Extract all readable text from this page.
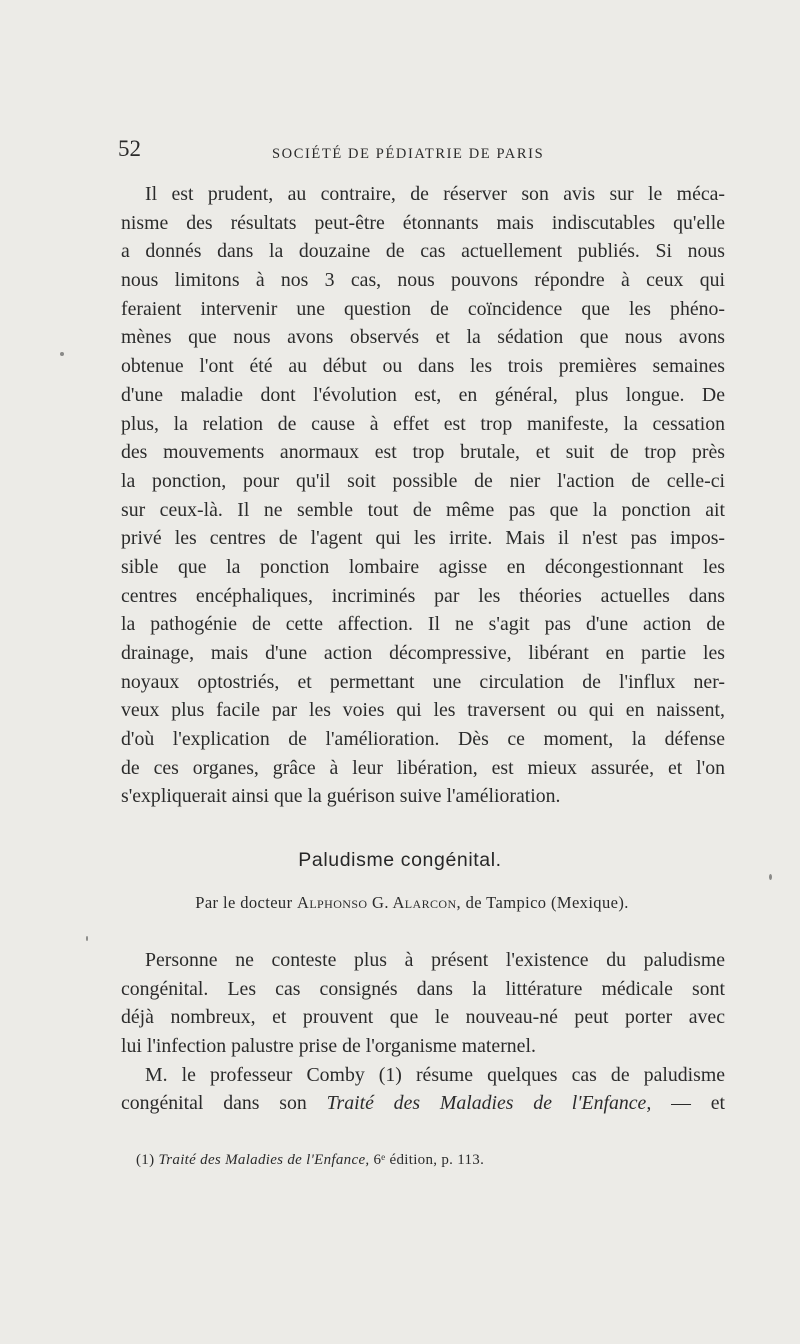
52	SOCIÉTÉ DE PÉDIATRIE DE PARIS
Il est prudent, au contraire, de réserver son avis sur le méca-
nisme des résultats peut-être étonnants mais indiscutables qu'elle
a donnés dans la douzaine de cas actuellement publiés. Si nous
nous limitons à nos 3 cas, nous pouvons répondre à ceux qui
feraient intervenir une question de coïncidence que les phéno-
mènes que nous avons observés et la sédation que nous avons
obtenue l'ont été au début ou dans les trois premières semaines
d'une maladie dont l'évolution est, en général, plus longue. De
plus, la relation de cause à effet est trop manifeste, la cessation
des mouvements anormaux est trop brutale, et suit de trop près
la ponction, pour qu'il soit possible de nier l'action de celle-ci
sur ceux-là. Il ne semble tout de même pas que la ponction ait
privé les centres de l'agent qui les irrite. Mais il n'est pas impos-
sible que la ponction lombaire agisse en décongestionnant les
centres encéphaliques, incriminés par les théories actuelles dans
la pathogénie de cette affection. Il ne s'agit pas d'une action de
drainage, mais d'une action décompressive, libérant en partie les
noyaux optostriés, et permettant une circulation de l'influx ner-
veux plus facile par les voies qui les traversent ou qui en naissent,
d'où l'explication de l'amélioration. Dès ce moment, la défense
de ces organes, grâce à leur libération, est mieux assurée, et l'on
s'expliquerait ainsi que la guérison suive l'amélioration.
Paludisme congénital.
Par le docteur Alphonso G. Alarcon, de Tampico (Mexique).
Personne ne conteste plus à présent l'existence du paludisme
congénital. Les cas consignés dans la littérature médicale sont
déjà nombreux, et prouvent que le nouveau-né peut porter avec
lui l'infection palustre prise de l'organisme maternel.
M. le professeur Comby (1) résume quelques cas de paludisme
congénital dans son Traité des Maladies de l'Enfance, — et
(1) Traité des Maladies de l'Enfance, 6ᵉ édition, p. 113.
